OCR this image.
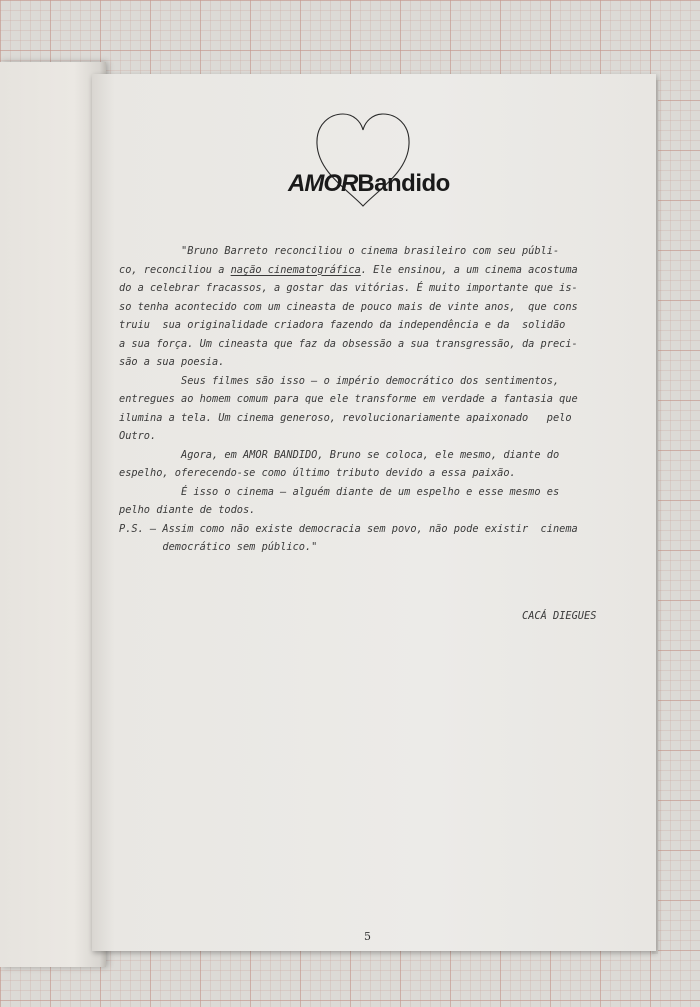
AMORBandido
"Bruno Barreto reconciliou o cinema brasileiro com seu públi-
co, reconciliou a nação cinematográfica. Ele ensinou, a um cinema acostuma
do a celebrar fracassos, a gostar das vitórias. É muito importante que is-
so tenha acontecido com um cineasta de pouco mais de vinte anos,  que cons
truiu  sua originalidade criadora fazendo da independência e da  solidão
a sua força. Um cineasta que faz da obsessão a sua transgressão, da preci-
são a sua poesia.
Seus filmes são isso — o império democrático dos sentimentos,
entregues ao homem comum para que ele transforme em verdade a fantasia que
ilumina a tela. Um cinema generoso, revolucionariamente apaixonado   pelo
Outro.
Agora, em AMOR BANDIDO, Bruno se coloca, ele mesmo, diante do
espelho, oferecendo-se como último tributo devido a essa paixão.
É isso o cinema — alguém diante de um espelho e esse mesmo es
pelho diante de todos.
P.S. — Assim como não existe democracia sem povo, não pode existir  cinema
democrático sem público."
CACÁ DIEGUES
5
